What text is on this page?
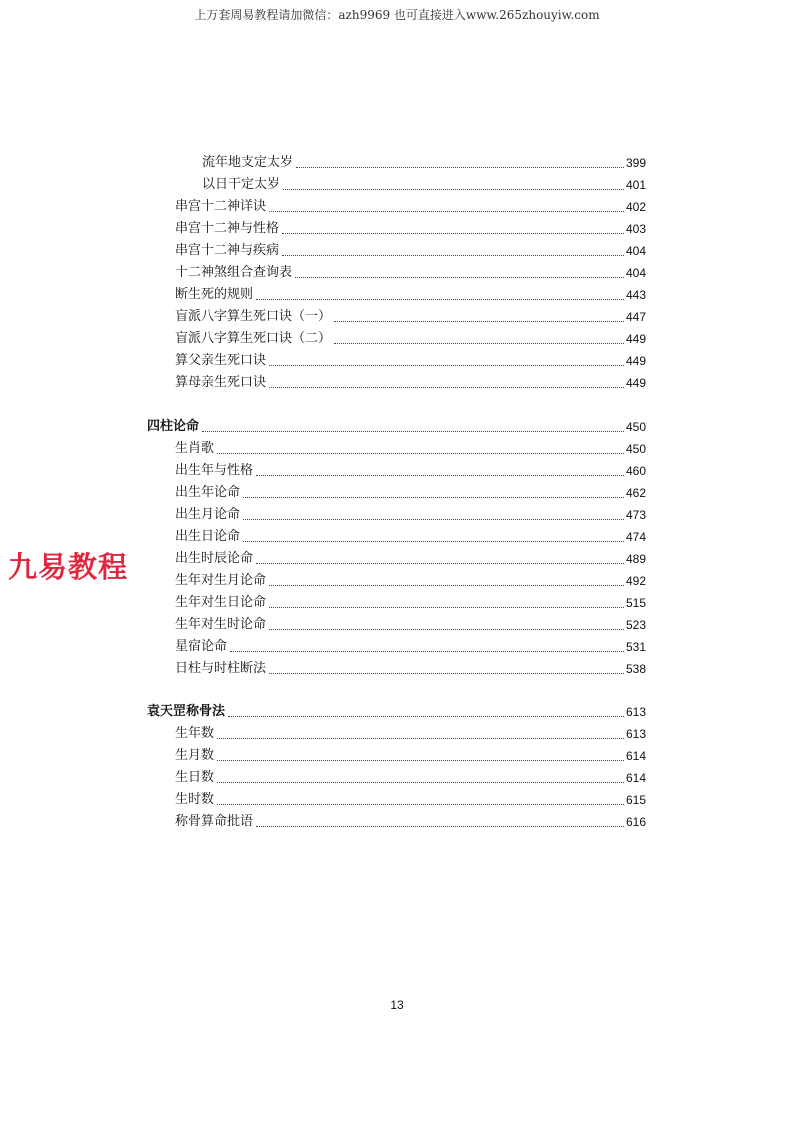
上万套周易教程请加微信：azh9969 也可直接进入www.265zhouyiw.com
九易教程
流年地支定太岁	399
以日干定太岁	401
串宫十二神详诀	402
串宫十二神与性格	403
串宫十二神与疾病	404
十二神煞组合查询表	404
断生死的规则	443
盲派八字算生死口诀（一）	447
盲派八字算生死口诀（二）	449
算父亲生死口诀	449
算母亲生死口诀	449
四柱论命	450
生肖歌	450
出生年与性格	460
出生年论命	462
出生月论命	473
出生日论命	474
出生时辰论命	489
生年对生月论命	492
生年对生日论命	515
生年对生时论命	523
星宿论命	531
日柱与时柱断法	538
袁天罡称骨法	613
生年数	613
生月数	614
生日数	614
生时数	615
称骨算命批语	616
13
